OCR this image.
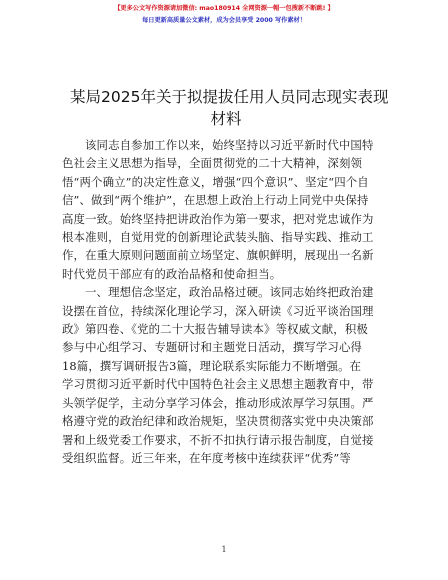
【更多公文写作资源请加微信: mao180914 全网资源一帽一包搜新不断跳! 】
每日更新高质量公文素材，成为会员享受 2000 写作素材！
某局2025年关于拟提拔任用人员同志现实表现
材料
该同志自参加工作以来，始终坚持以习近平新时代中国特
色社会主义思想为指导，全面贯彻党的二十大精神，深刻领
悟“两个确立”的决定性意义，增强“四个意识”、坚定“四个自
信”、做到“两个维护”，在思想上政治上行动上同党中央保持
高度一致。始终坚持把讲政治作为第一要求，把对党忠诚作为
根本准则，自觉用党的创新理论武装头脑、指导实践、推动工
作，在重大原则问题面前立场坚定、旗帜鲜明，展现出一名新
时代党员干部应有的政治品格和使命担当。
一、理想信念坚定，政治品格过硬。该同志始终把政治建
设摆在首位，持续深化理论学习，深入研读《习近平谈治国理
政》第四卷、《党的二十大报告辅导读本》等权威文献，积极
参与中心组学习、专题研讨和主题党日活动，撰写学习心得
18篇，撰写调研报告3篇，理论联系实际能力不断增强。在
学习贯彻习近平新时代中国特色社会主义思想主题教育中，带
头领学促学，主动分享学习体会，推动形成浓厚学习氛围。严
格遵守党的政治纪律和政治规矩，坚决贯彻落实党中央决策部
署和上级党委工作要求，不折不扣执行请示报告制度，自觉接
受组织监督。近三年来，在年度考核中连续获评“优秀”等
1
